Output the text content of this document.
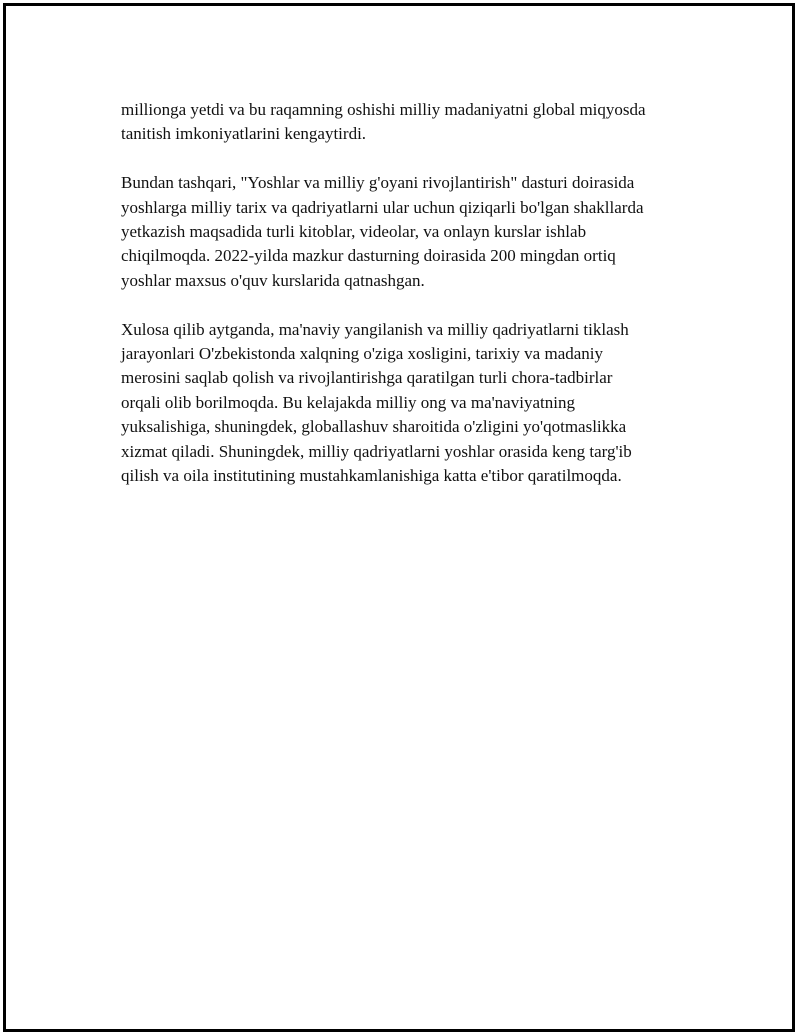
millionga yetdi va bu raqamning oshishi milliy madaniyatni global miqyosda
tanitish imkoniyatlarini kengaytirdi.

Bundan tashqari, "Yoshlar va milliy g'oyani rivojlantirish" dasturi doirasida
yoshlarga milliy tarix va qadriyatlarni ular uchun qiziqarli bo'lgan shakllarda
yetkazish maqsadida turli kitoblar, videolar, va onlayn kurslar ishlab
chiqilmoqda. 2022-yilda mazkur dasturning doirasida 200 mingdan ortiq
yoshlar maxsus o'quv kurslarida qatnashgan.

Xulosa qilib aytganda, ma'naviy yangilanish va milliy qadriyatlarni tiklash
jarayonlari O'zbekistonda xalqning o'ziga xosligini, tarixiy va madaniy
merosini saqlab qolish va rivojlantirishga qaratilgan turli chora-tadbirlar
orqali olib borilmoqda. Bu kelajakda milliy ong va ma'naviyatning
yuksalishiga, shuningdek, globallashuv sharoitida o'zligini yo'qotmaslikka
xizmat qiladi. Shuningdek, milliy qadriyatlarni yoshlar orasida keng targ'ib
qilish va oila institutining mustahkamlanishiga katta e'tibor qaratilmoqda.
